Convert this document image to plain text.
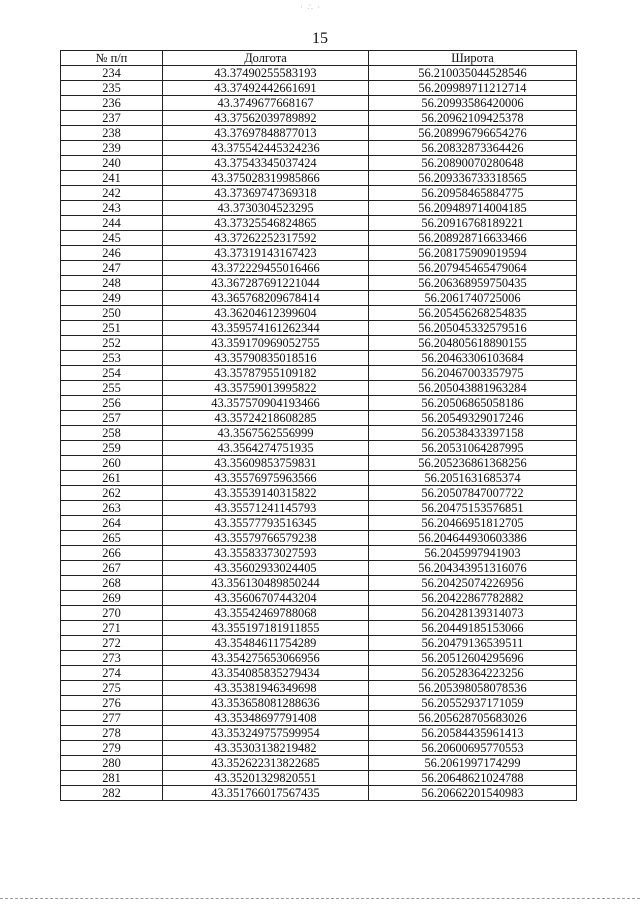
· ∴ ·
15
№ п/п	Долгота	Широта
234	43.37490255583193	56.210035044528546
235	43.37492442661691	56.209989711212714
236	43.3749677668167	56.20993586420006
237	43.37562039789892	56.20962109425378
238	43.37697848877013	56.208996796654276
239	43.375542445324236	56.20832873364426
240	43.37543345037424	56.20890070280648
241	43.375028319985866	56.209336733318565
242	43.37369747369318	56.20958465884775
243	43.3730304523295	56.209489714004185
244	43.37325546824865	56.20916768189221
245	43.37262252317592	56.208928716633466
246	43.37319143167423	56.208175909019594
247	43.372229455016466	56.207945465479064
248	43.367287691221044	56.206368959750435
249	43.365768209678414	56.2061740725006
250	43.36204612399604	56.205456268254835
251	43.359574161262344	56.205045332579516
252	43.359170969052755	56.204805618890155
253	43.35790835018516	56.20463306103684
254	43.35787955109182	56.20467003357975
255	43.35759013995822	56.205043881963284
256	43.357570904193466	56.20506865058186
257	43.35724218608285	56.20549329017246
258	43.3567562556999	56.20538433397158
259	43.3564274751935	56.20531064287995
260	43.35609853759831	56.205236861368256
261	43.35576975963566	56.2051631685374
262	43.35539140315822	56.20507847007722
263	43.35571241145793	56.20475153576851
264	43.35577793516345	56.20466951812705
265	43.35579766579238	56.204644930603386
266	43.35583373027593	56.2045997941903
267	43.35602933024405	56.204343951316076
268	43.356130489850244	56.20425074226956
269	43.35606707443204	56.20422867782882
270	43.35542469788068	56.20428139314073
271	43.355197181911855	56.20449185153066
272	43.35484611754289	56.20479136539511
273	43.354275653066956	56.20512604295696
274	43.354085835279434	56.20528364223256
275	43.35381946349698	56.205398058078536
276	43.353658081288636	56.20552937171059
277	43.35348697791408	56.205628705683026
278	43.353249757599954	56.20584435961413
279	43.35303138219482	56.20600695770553
280	43.352622313822685	56.2061997174299
281	43.35201329820551	56.20648621024788
282	43.351766017567435	56.20662201540983
